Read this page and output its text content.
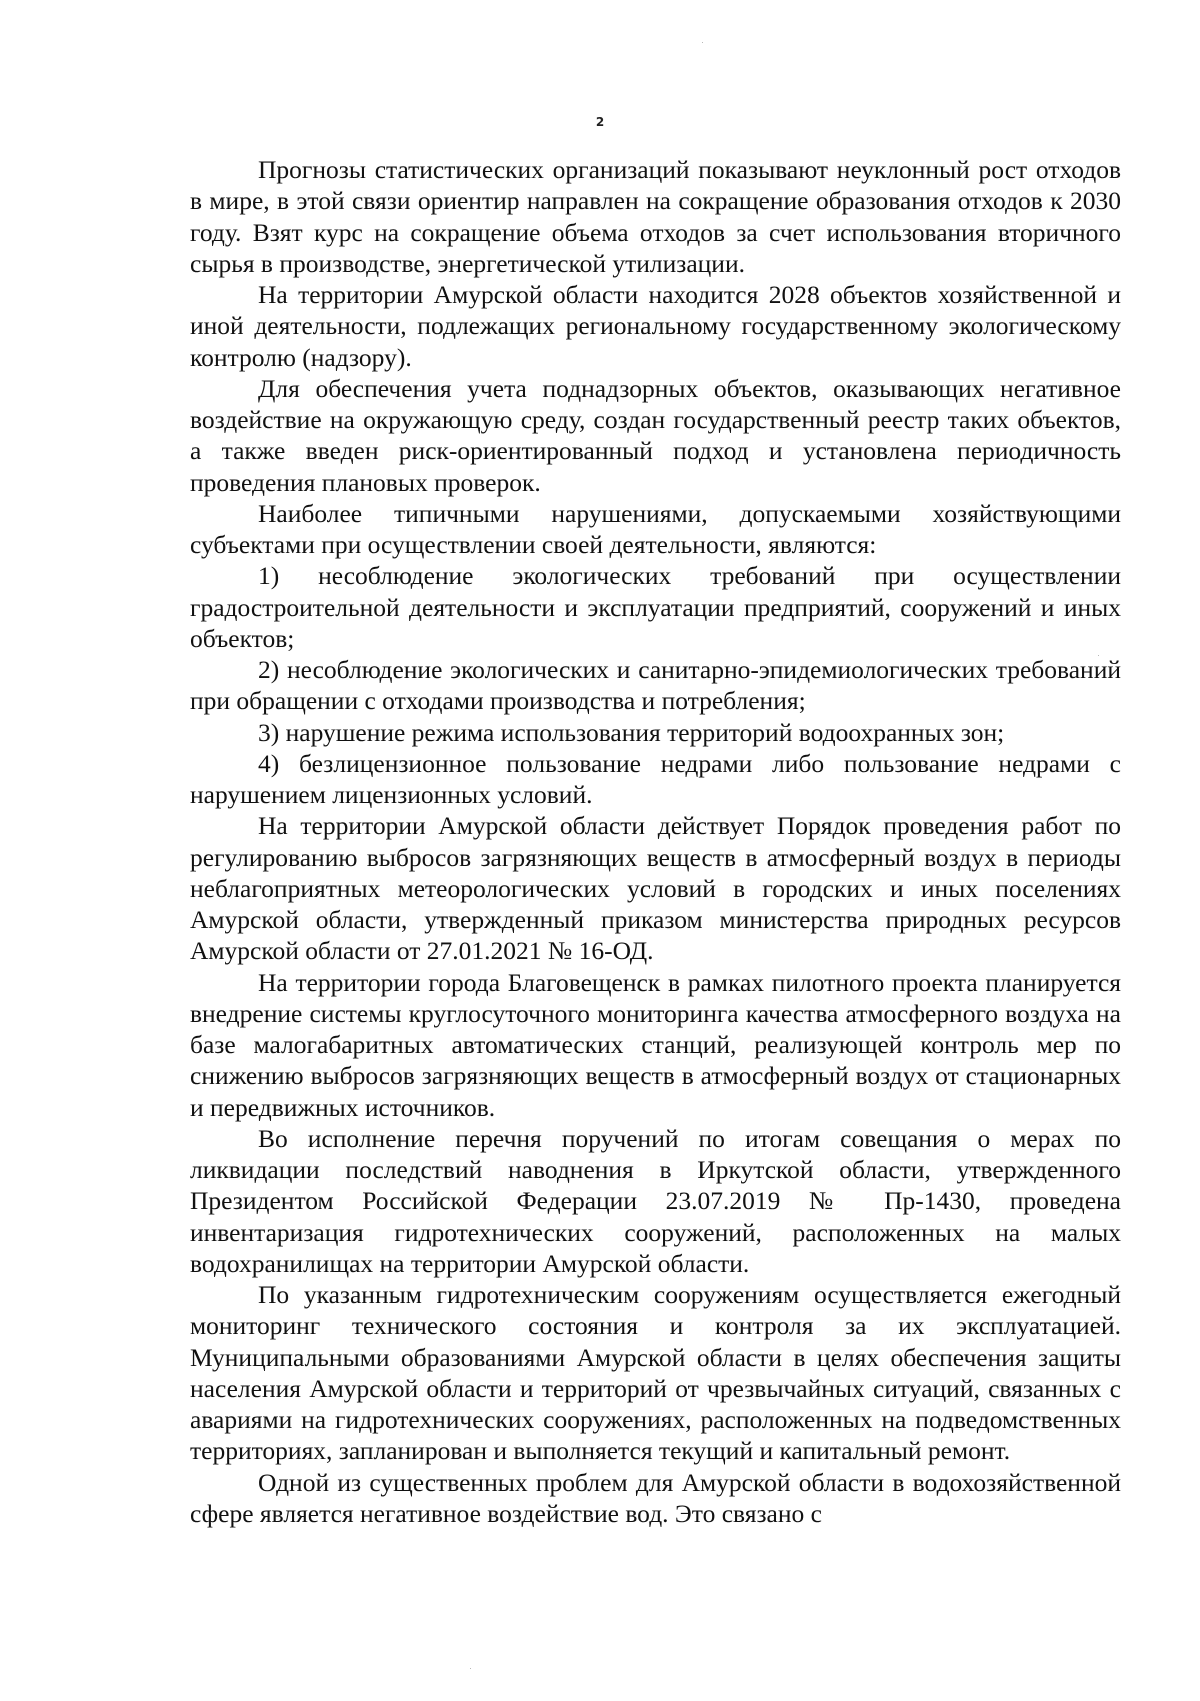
2

Прогнозы статистических организаций показывают неуклонный рост отходов в мире, в этой связи ориентир направлен на сокращение образования отходов к 2030 году. Взят курс на сокращение объема отходов за счет использования вторичного сырья в производстве, энергетической утилизации.

На территории Амурской области находится 2028 объектов хозяйственной и иной деятельности, подлежащих региональному государственному экологическому контролю (надзору).

Для обеспечения учета поднадзорных объектов, оказывающих негативное воздействие на окружающую среду, создан государственный реестр таких объектов, а также введен риск-ориентированный подход и установлена периодичность проведения плановых проверок.

Наиболее типичными нарушениями, допускаемыми хозяйствующими субъектами при осуществлении своей деятельности, являются:

1) несоблюдение экологических требований при осуществлении градостроительной деятельности и эксплуатации предприятий, сооружений и иных объектов;

2) несоблюдение экологических и санитарно-эпидемиологических требований при обращении с отходами производства и потребления;

3) нарушение режима использования территорий водоохранных зон;

4) безлицензионное пользование недрами либо пользование недрами с нарушением лицензионных условий.

На территории Амурской области действует Порядок проведения работ по регулированию выбросов загрязняющих веществ в атмосферный воздух в периоды неблагоприятных метеорологических условий в городских и иных поселениях Амурской области, утвержденный приказом министерства природных ресурсов Амурской области от 27.01.2021 № 16-ОД.

На территории города Благовещенск в рамках пилотного проекта планируется внедрение системы круглосуточного мониторинга качества атмосферного воздуха на базе малогабаритных автоматических станций, реализующей контроль мер по снижению выбросов загрязняющих веществ в атмосферный воздух от стационарных и передвижных источников.

Во исполнение перечня поручений по итогам совещания о мерах по ликвидации последствий наводнения в Иркутской области, утвержденного Президентом Российской Федерации 23.07.2019 № Пр-1430, проведена инвентаризация гидротехнических сооружений, расположенных на малых водохранилищах на территории Амурской области.

По указанным гидротехническим сооружениям осуществляется ежегодный мониторинг технического состояния и контроля за их эксплуатацией. Муниципальными образованиями Амурской области в целях обеспечения защиты населения Амурской области и территорий от чрезвычайных ситуаций, связанных с авариями на гидротехнических сооружениях, расположенных на подведомственных территориях, запланирован и выполняется текущий и капитальный ремонт.

Одной из существенных проблем для Амурской области в водохозяйственной сфере является негативное воздействие вод. Это связано с
